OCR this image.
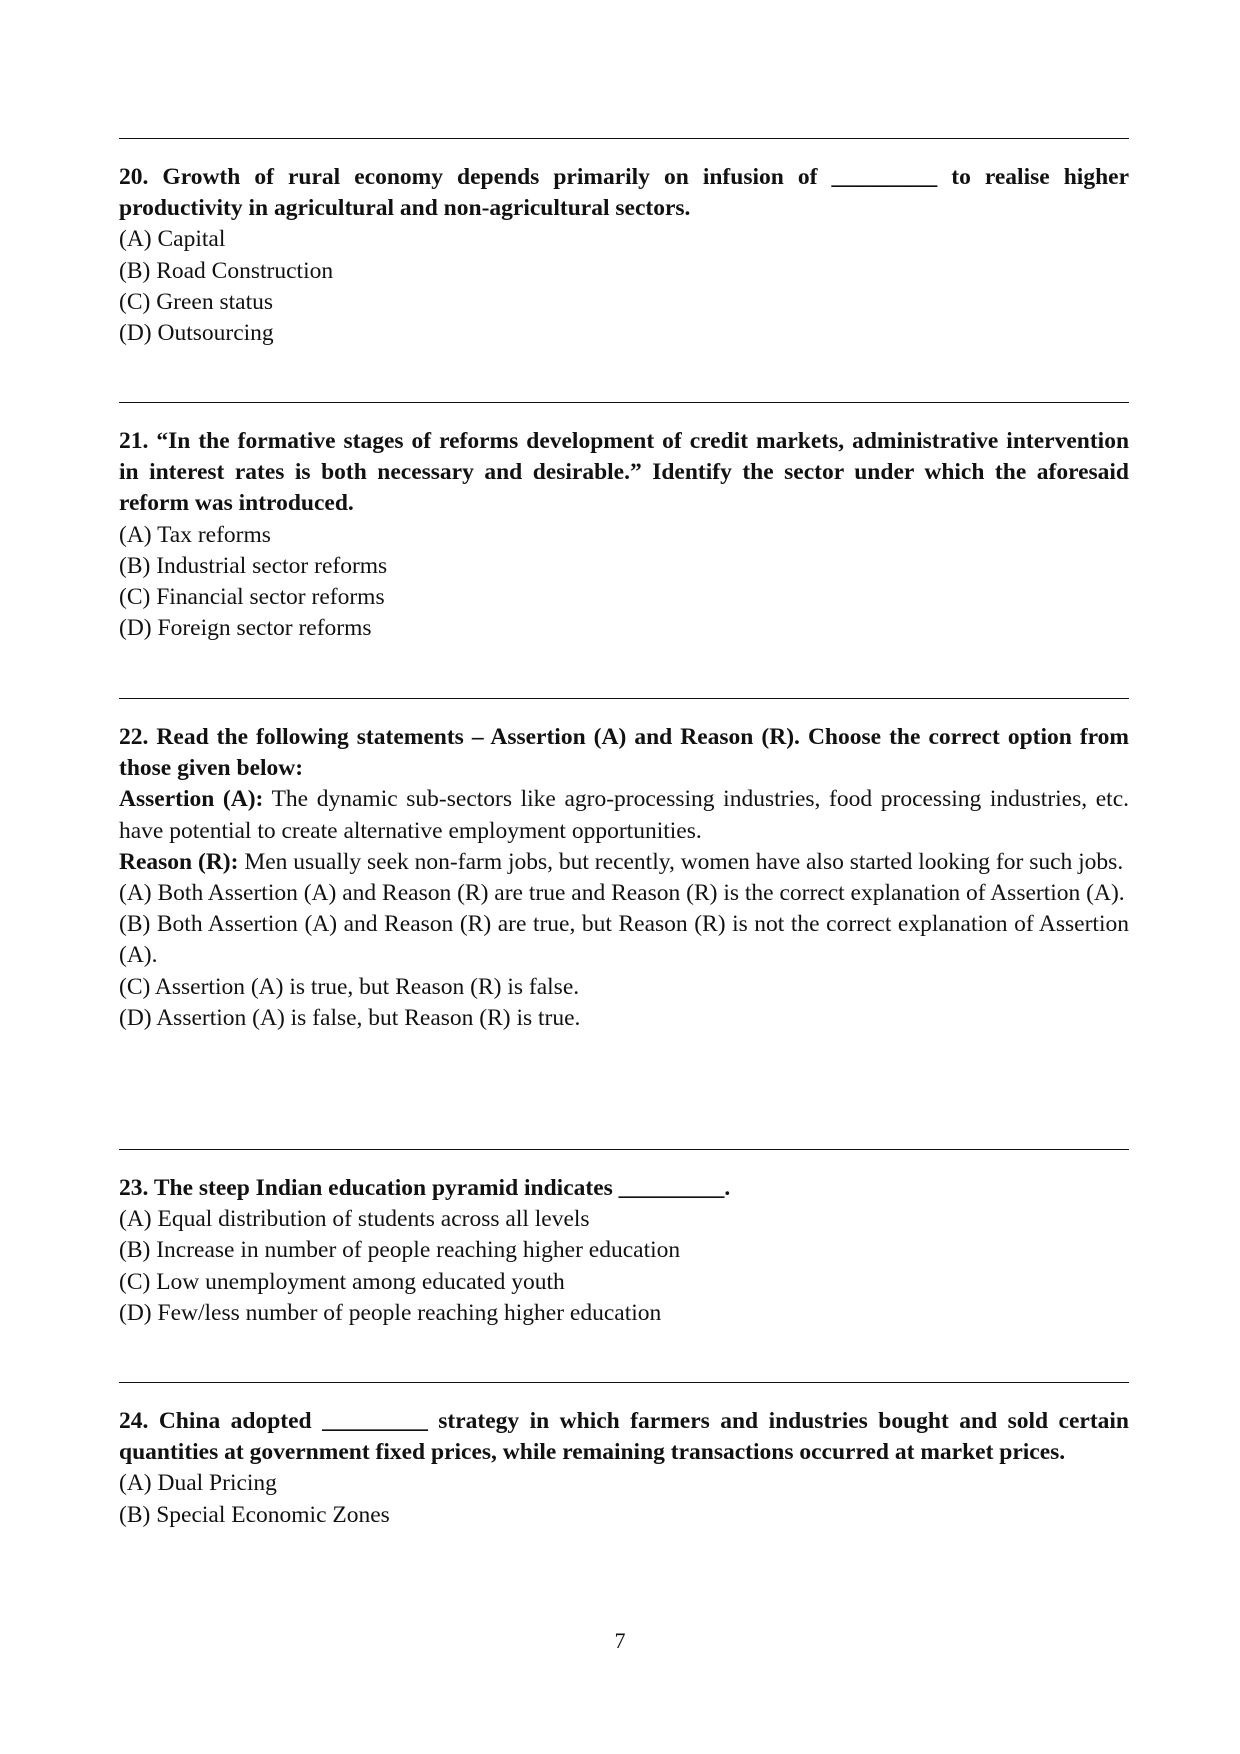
20. Growth of rural economy depends primarily on infusion of _________ to realise higher productivity in agricultural and non-agricultural sectors.
(A) Capital
(B) Road Construction
(C) Green status
(D) Outsourcing
21. “In the formative stages of reforms development of credit markets, administrative intervention in interest rates is both necessary and desirable.” Identify the sector under which the aforesaid reform was introduced.
(A) Tax reforms
(B) Industrial sector reforms
(C) Financial sector reforms
(D) Foreign sector reforms
22. Read the following statements – Assertion (A) and Reason (R). Choose the correct option from those given below:
Assertion (A): The dynamic sub-sectors like agro-processing industries, food processing industries, etc. have potential to create alternative employment opportunities.
Reason (R): Men usually seek non-farm jobs, but recently, women have also started looking for such jobs.
(A) Both Assertion (A) and Reason (R) are true and Reason (R) is the correct explanation of Assertion (A).
(B) Both Assertion (A) and Reason (R) are true, but Reason (R) is not the correct explanation of Assertion (A).
(C) Assertion (A) is true, but Reason (R) is false.
(D) Assertion (A) is false, but Reason (R) is true.
23. The steep Indian education pyramid indicates _________.
(A) Equal distribution of students across all levels
(B) Increase in number of people reaching higher education
(C) Low unemployment among educated youth
(D) Few/less number of people reaching higher education
24. China adopted _________ strategy in which farmers and industries bought and sold certain quantities at government fixed prices, while remaining transactions occurred at market prices.
(A) Dual Pricing
(B) Special Economic Zones
7
